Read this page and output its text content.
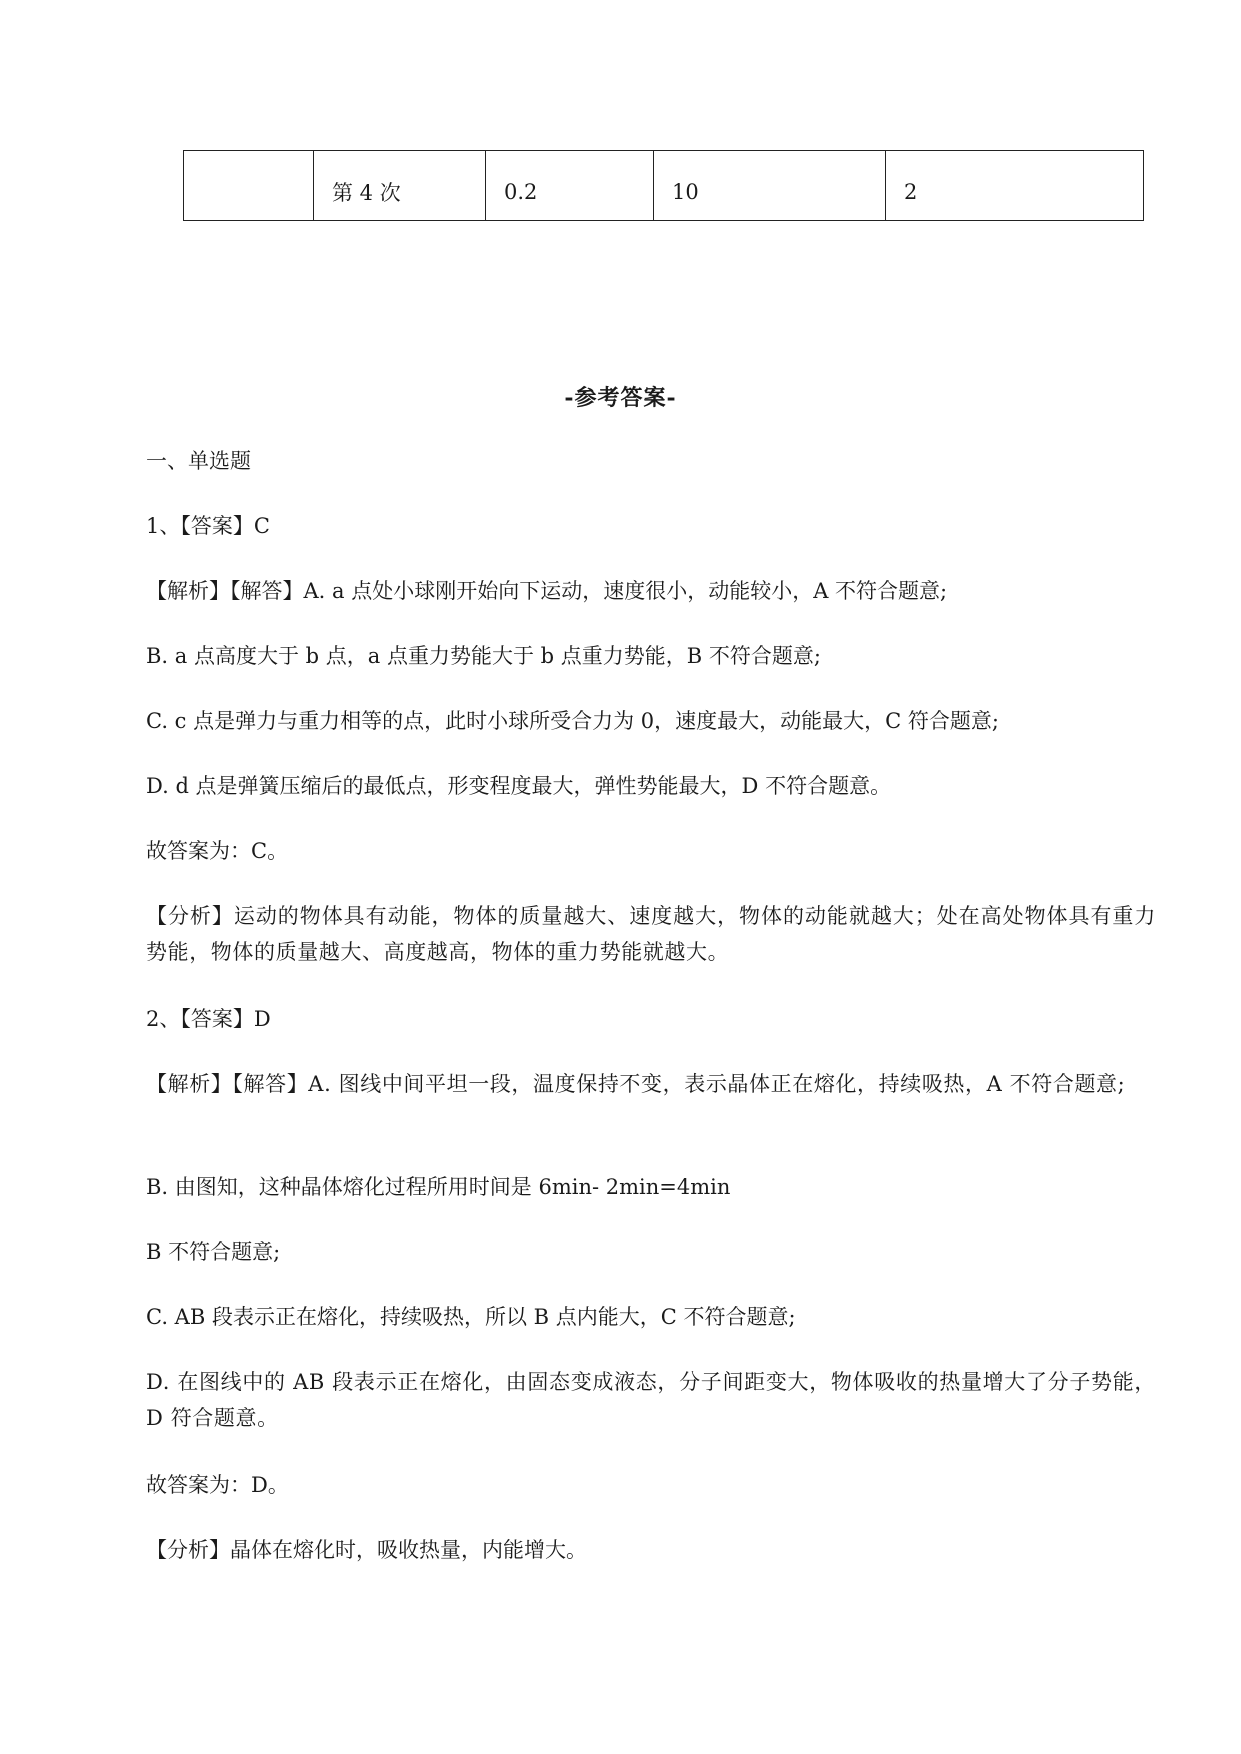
	第 4 次	0.2	10	2
-参考答案-
一、单选题
1、【答案】C
【解析】【解答】A. a 点处小球刚开始向下运动，速度很小，动能较小，A 不符合题意;
B. a 点高度大于 b 点，a 点重力势能大于 b 点重力势能，B 不符合题意;
C. c 点是弹力与重力相等的点，此时小球所受合力为 0，速度最大，动能最大，C 符合题意;
D. d 点是弹簧压缩后的最低点，形变程度最大，弹性势能最大，D 不符合题意。
故答案为：C。
【分析】运动的物体具有动能，物体的质量越大、速度越大，物体的动能就越大；处在高处物体具有重力势能，物体的质量越大、高度越高，物体的重力势能就越大。
2、【答案】D
【解析】【解答】A. 图线中间平坦一段，温度保持不变，表示晶体正在熔化，持续吸热，A 不符合题意;
B. 由图知，这种晶体熔化过程所用时间是 6min- 2min=4min
B 不符合题意;
C. AB 段表示正在熔化，持续吸热，所以 B 点内能大，C 不符合题意;
D. 在图线中的 AB 段表示正在熔化，由固态变成液态，分子间距变大，物体吸收的热量增大了分子势能，D 符合题意。
故答案为：D。
【分析】晶体在熔化时，吸收热量，内能增大。
